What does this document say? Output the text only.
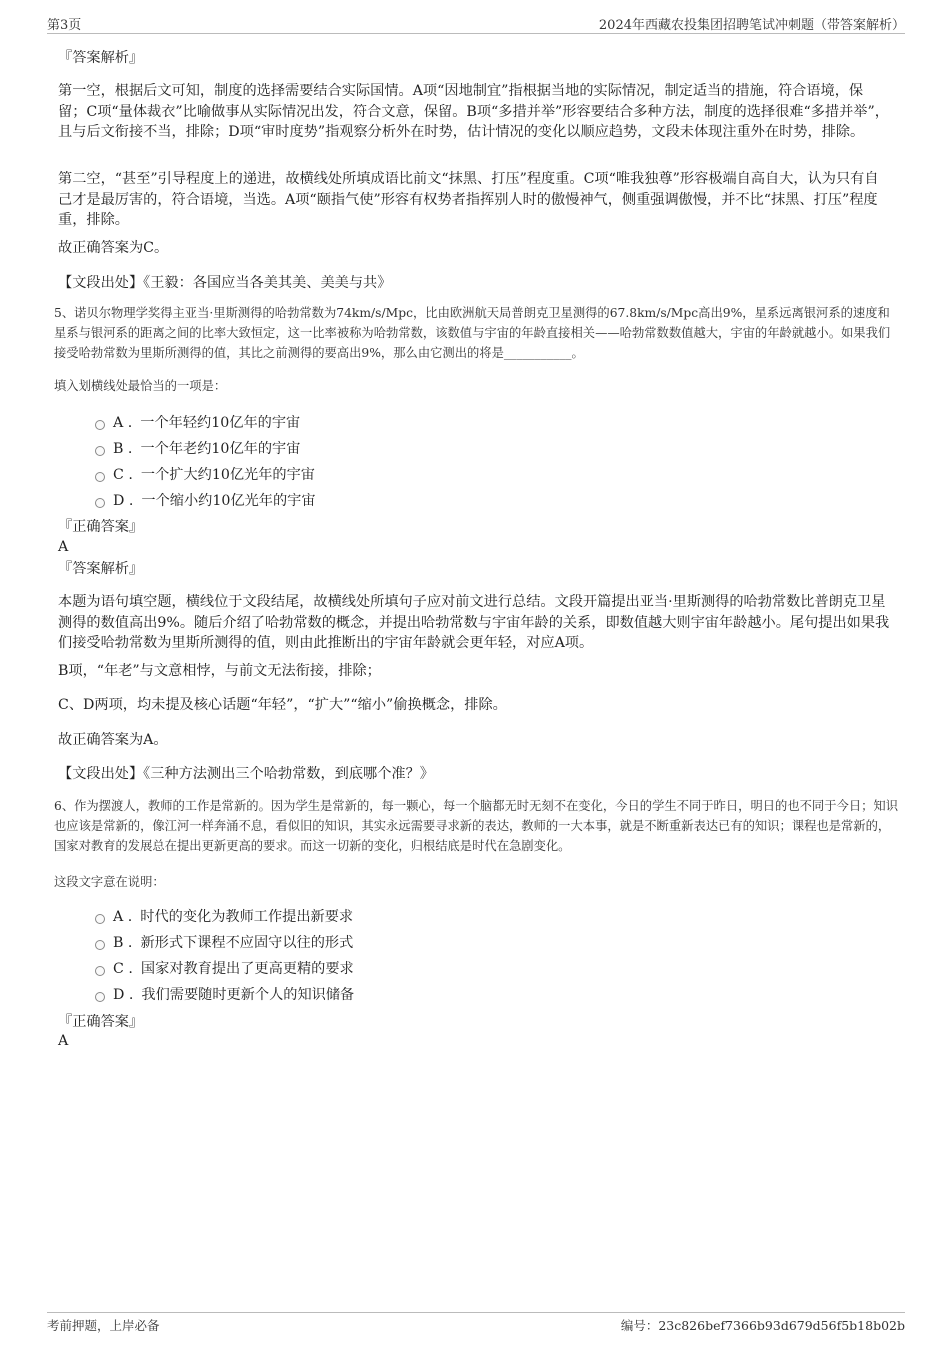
第3页	2024年西藏农投集团招聘笔试冲刺题（带答案解析）
『答案解析』
第一空，根据后文可知，制度的选择需要结合实际国情。A项“因地制宜”指根据当地的实际情况，制定适当的措施，符合语境，保留；C项“量体裁衣”比喻做事从实际情况出发，符合文意，保留。B项“多措并举”形容要结合多种方法，制度的选择很难“多措并举”，且与后文衔接不当，排除；D项“审时度势”指观察分析外在时势，估计情况的变化以顺应趋势，文段未体现注重外在时势，排除。
第二空，“甚至”引导程度上的递进，故横线处所填成语比前文“抹黑、打压”程度重。C项“唯我独尊”形容极端自高自大，认为只有自己才是最厉害的，符合语境，当选。A项“颐指气使”形容有权势者指挥别人时的傲慢神气，侧重强调傲慢，并不比“抹黑、打压”程度重，排除。
故正确答案为C。
【文段出处】《王毅：各国应当各美其美、美美与共》
5、诺贝尔物理学奖得主亚当·里斯测得的哈勃常数为74km/s/Mpc，比由欧洲航天局普朗克卫星测得的67.8km/s/Mpc高出9%，星系远离银河系的速度和星系与银河系的距离之间的比率大致恒定，这一比率被称为哈勃常数，该数值与宇宙的年龄直接相关——哈勃常数数值越大，宇宙的年龄就越小。如果我们接受哈勃常数为里斯所测得的值，其比之前测得的要高出9%，那么由它测出的将是___________。
填入划横线处最恰当的一项是：
A . 一个年轻约10亿年的宇宙
B . 一个年老约10亿年的宇宙
C . 一个扩大约10亿光年的宇宙
D . 一个缩小约10亿光年的宇宙
『正确答案』
A
『答案解析』
本题为语句填空题，横线位于文段结尾，故横线处所填句子应对前文进行总结。文段开篇提出亚当·里斯测得的哈勃常数比普朗克卫星测得的数值高出9%。随后介绍了哈勃常数的概念，并提出哈勃常数与宇宙年龄的关系，即数值越大则宇宙年龄越小。尾句提出如果我们接受哈勃常数为里斯所测得的值，则由此推断出的宇宙年龄就会更年轻，对应A项。
B项，“年老”与文意相悖，与前文无法衔接，排除；
C、D两项，均未提及核心话题“年轻”，“扩大”“缩小”偷换概念，排除。
故正确答案为A。
【文段出处】《三种方法测出三个哈勃常数，到底哪个准？》
6、作为摆渡人，教师的工作是常新的。因为学生是常新的，每一颗心，每一个脑都无时无刻不在变化，今日的学生不同于昨日，明日的也不同于今日；知识也应该是常新的，像江河一样奔涌不息，看似旧的知识，其实永远需要寻求新的表达，教师的一大本事，就是不断重新表达已有的知识；课程也是常新的，国家对教育的发展总在提出更新更高的要求。而这一切新的变化，归根结底是时代在急剧变化。
这段文字意在说明：
A . 时代的变化为教师工作提出新要求
B . 新形式下课程不应固守以往的形式
C . 国家对教育提出了更高更精的要求
D . 我们需要随时更新个人的知识储备
『正确答案』
A
考前押题，上岸必备	编号：23c826bef7366b93d679d56f5b18b02b
